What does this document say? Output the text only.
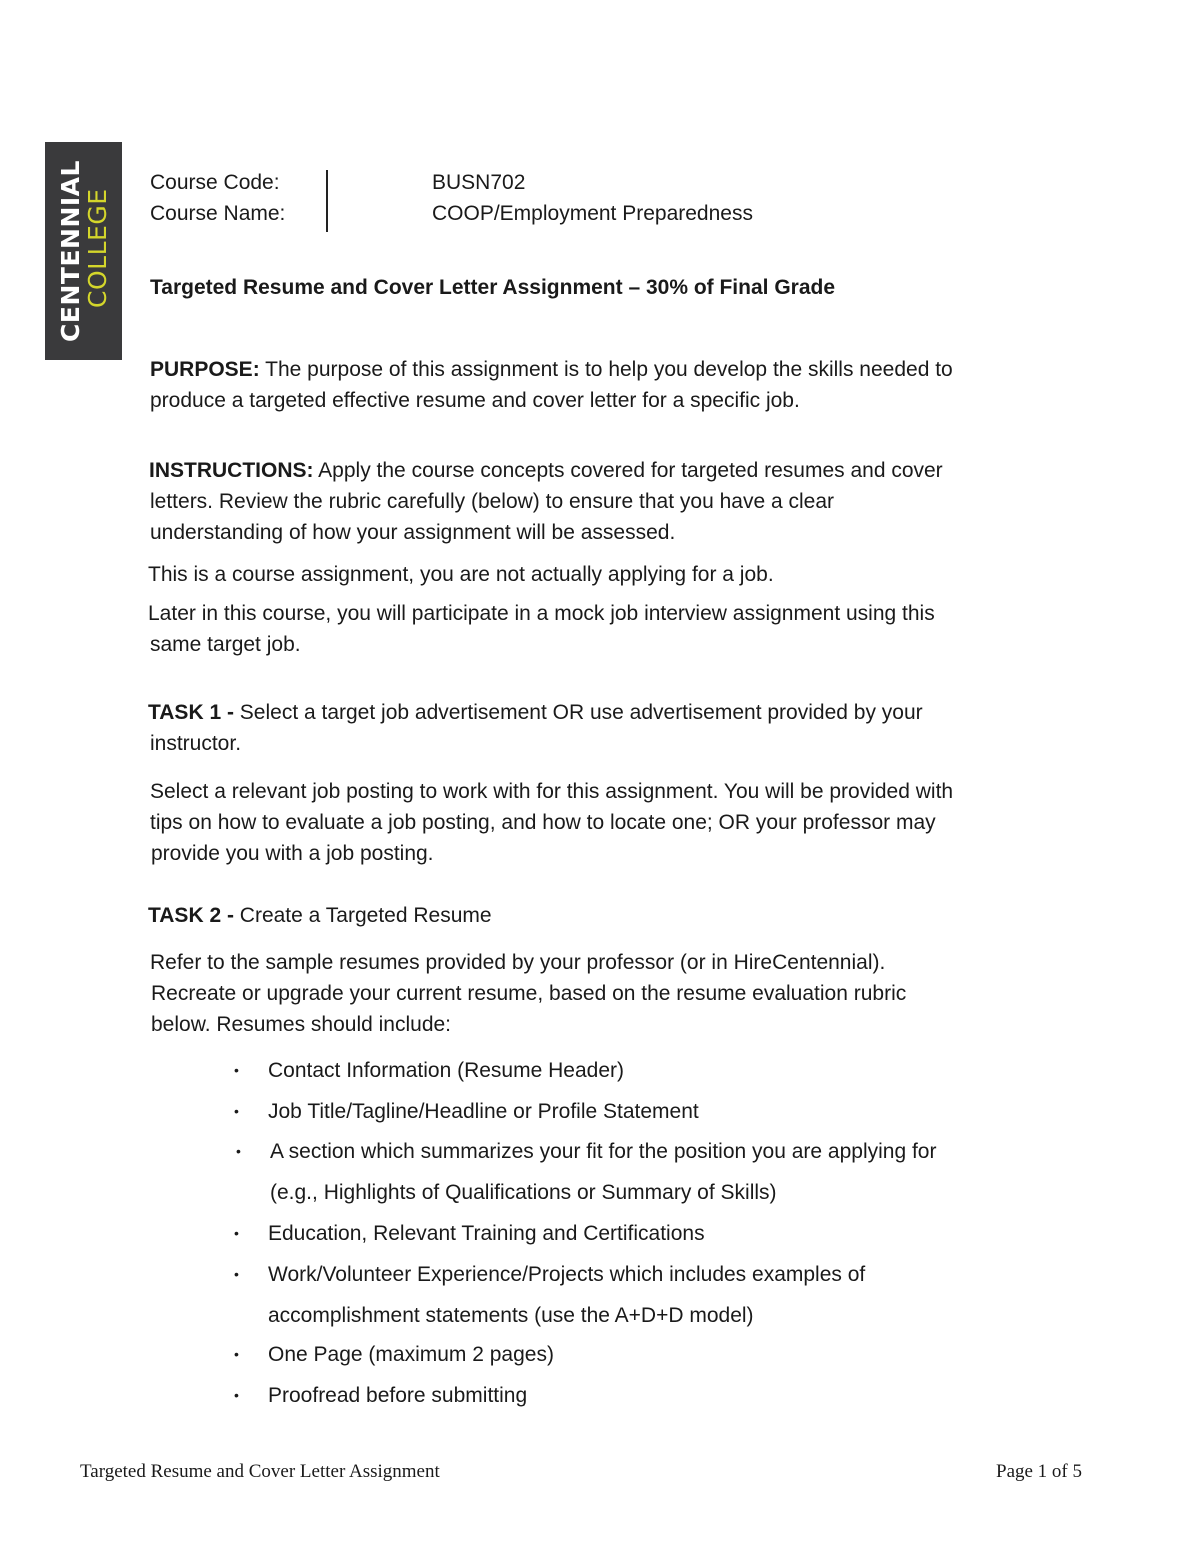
CENTENNIAL
COLLEGE
Course Code:	BUSN702
Course Name:	COOP/Employment Preparedness
Targeted Resume and Cover Letter Assignment – 30% of Final Grade
PURPOSE: The purpose of this assignment is to help you develop the skills needed to
produce a targeted effective resume and cover letter for a specific job.
INSTRUCTIONS: Apply the course concepts covered for targeted resumes and cover
letters. Review the rubric carefully (below) to ensure that you have a clear
understanding of how your assignment will be assessed.
This is a course assignment, you are not actually applying for a job.
Later in this course, you will participate in a mock job interview assignment using this
same target job.
TASK 1 - Select a target job advertisement OR use advertisement provided by your
instructor.
Select a relevant job posting to work with for this assignment. You will be provided with
tips on how to evaluate a job posting, and how to locate one; OR your professor may
provide you with a job posting.
TASK 2 - Create a Targeted Resume
Refer to the sample resumes provided by your professor (or in HireCentennial).
Recreate or upgrade your current resume, based on the resume evaluation rubric
below. Resumes should include:
• Contact Information (Resume Header)
• Job Title/Tagline/Headline or Profile Statement
• A section which summarizes your fit for the position you are applying for
(e.g., Highlights of Qualifications or Summary of Skills)
• Education, Relevant Training and Certifications
• Work/Volunteer Experience/Projects which includes examples of
accomplishment statements (use the A+D+D model)
• One Page (maximum 2 pages)
• Proofread before submitting
Targeted Resume and Cover Letter Assignment	Page 1 of 5
